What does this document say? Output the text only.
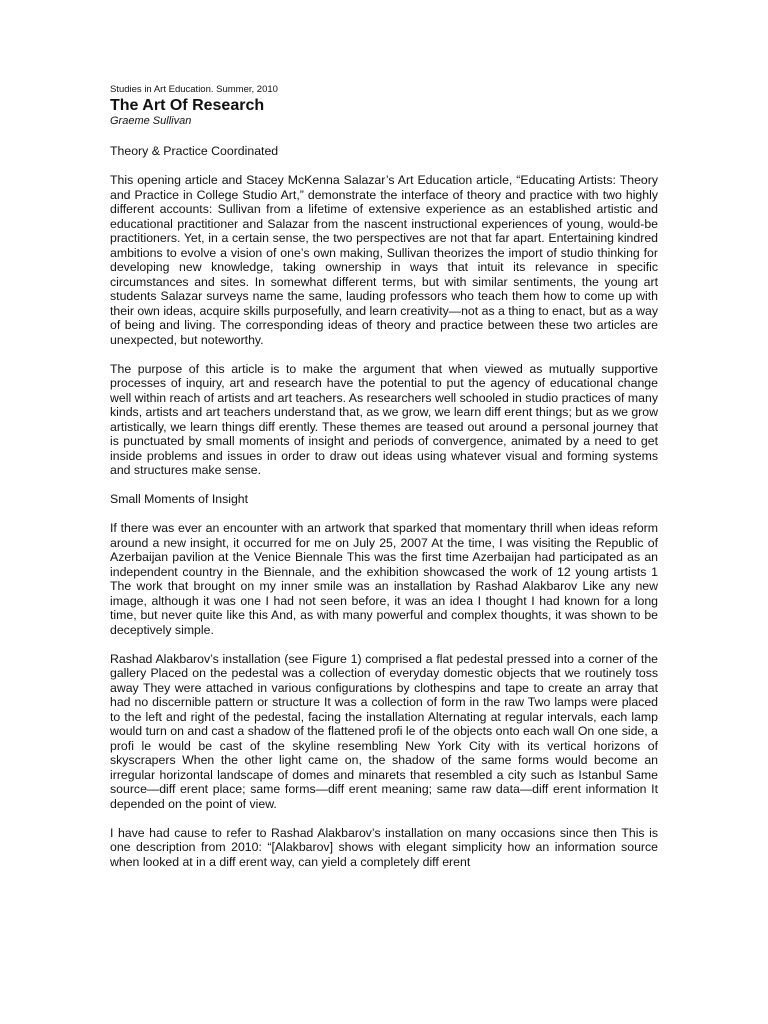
Studies in Art Education. Summer, 2010

The Art Of Research

Graeme Sullivan

Theory & Practice Coordinated

This opening article and Stacey McKenna Salazar’s Art Education article, “Educating Artists: Theory and Practice in College Studio Art,” demonstrate the interface of theory and practice with two highly different accounts: Sullivan from a lifetime of extensive experience as an established artistic and educational practitioner and Salazar from the nascent instructional experiences of young, would-be practitioners. Yet, in a certain sense, the two perspectives are not that far apart. Entertaining kindred ambitions to evolve a vision of one’s own making, Sullivan theorizes the import of studio thinking for developing new knowledge, taking ownership in ways that intuit its relevance in specific circumstances and sites. In somewhat different terms, but with similar sentiments, the young art students Salazar surveys name the same, lauding professors who teach them how to come up with their own ideas, acquire skills purposefully, and learn creativity—not as a thing to enact, but as a way of being and living. The corresponding ideas of theory and practice between these two articles are unexpected, but noteworthy.

The purpose of this article is to make the argument that when viewed as mutually supportive processes of inquiry, art and research have the potential to put the agency of educational change well within reach of artists and art teachers. As researchers well schooled in studio practices of many kinds, artists and art teachers understand that, as we grow, we learn diff erent things; but as we grow artistically, we learn things diff erently. These themes are teased out around a personal journey that is punctuated by small moments of insight and periods of convergence, animated by a need to get inside problems and issues in order to draw out ideas using whatever visual and forming systems and structures make sense.

Small Moments of Insight

If there was ever an encounter with an artwork that sparked that momentary thrill when ideas reform around a new insight, it occurred for me on July 25, 2007 At the time, I was visiting the Republic of Azerbaijan pavilion at the Venice Biennale This was the first time Azerbaijan had participated as an independent country in the Biennale, and the exhibition showcased the work of 12 young artists 1 The work that brought on my inner smile was an installation by Rashad Alakbarov Like any new image, although it was one I had not seen before, it was an idea I thought I had known for a long time, but never quite like this And, as with many powerful and complex thoughts, it was shown to be deceptively simple.

Rashad Alakbarov’s installation (see Figure 1) comprised a flat pedestal pressed into a corner of the gallery Placed on the pedestal was a collection of everyday domestic objects that we routinely toss away They were attached in various configurations by clothespins and tape to create an array that had no discernible pattern or structure It was a collection of form in the raw Two lamps were placed to the left and right of the pedestal, facing the installation Alternating at regular intervals, each lamp would turn on and cast a shadow of the flattened profi le of the objects onto each wall On one side, a profi le would be cast of the skyline resembling New York City with its vertical horizons of skyscrapers When the other light came on, the shadow of the same forms would become an irregular horizontal landscape of domes and minarets that resembled a city such as Istanbul Same source—diff erent place; same forms—diff erent meaning; same raw data—diff erent information It depended on the point of view.

I have had cause to refer to Rashad Alakbarov’s installation on many occasions since then This is one description from 2010: “[Alakbarov] shows with elegant simplicity how an information source when looked at in a diff erent way, can yield a completely diff erent
